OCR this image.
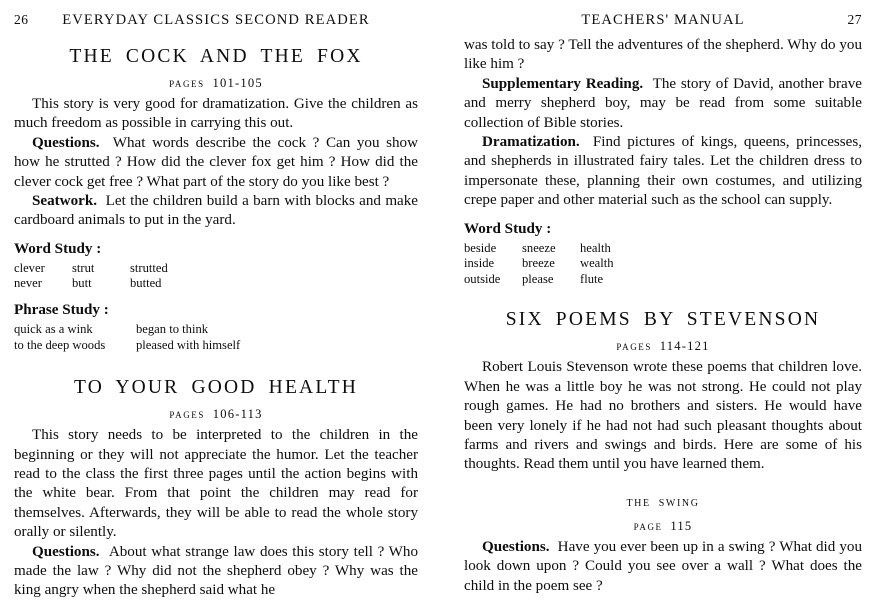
26	EVERYDAY CLASSICS SECOND READER
THE COCK AND THE FOX
pages 101-105

This story is very good for dramatization. Give the children as much freedom as possible in carrying this out.

Questions. What words describe the cock ? Can you show how he strutted ? How did the clever fox get him ? How did the clever cock get free ? What part of the story do you like best ?

Seatwork. Let the children build a barn with blocks and make cardboard animals to put in the yard.

Word Study :
clever	strut	strutted
never	butt	butted
Phrase Study :
quick as a wink	began to think
to the deep woods	pleased with himself
TO YOUR GOOD HEALTH
pages 106-113

This story needs to be interpreted to the children in the beginning or they will not appreciate the humor. Let the teacher read to the class the first three pages until the action begins with the white bear. From that point the children may read for themselves. Afterwards, they will be able to read the whole story orally or silently.

Questions. About what strange law does this story tell ? Who made the law ? Why did not the shepherd obey ? Why was the king angry when the shepherd said what he

TEACHERS' MANUAL	27

was told to say ? Tell the adventures of the shepherd. Why do you like him ?

Supplementary Reading. The story of David, another brave and merry shepherd boy, may be read from some suitable collection of Bible stories.

Dramatization. Find pictures of kings, queens, princesses, and shepherds in illustrated fairy tales. Let the children dress to impersonate these, planning their own costumes, and utilizing crepe paper and other material such as the school can supply.

Word Study :
beside	sneeze	health
inside	breeze	wealth
outside	please	flute
SIX POEMS BY STEVENSON
pages 114-121

Robert Louis Stevenson wrote these poems that children love. When he was a little boy he was not strong. He could not play rough games. He had no brothers and sisters. He would have been very lonely if he had not had such pleasant thoughts about farms and rivers and swings and birds. Here are some of his thoughts. Read them until you have learned them.

the swing
page 115

Questions. Have you ever been up in a swing ? What did you look down upon ? Could you see over a wall ? What does the child in the poem see ?
